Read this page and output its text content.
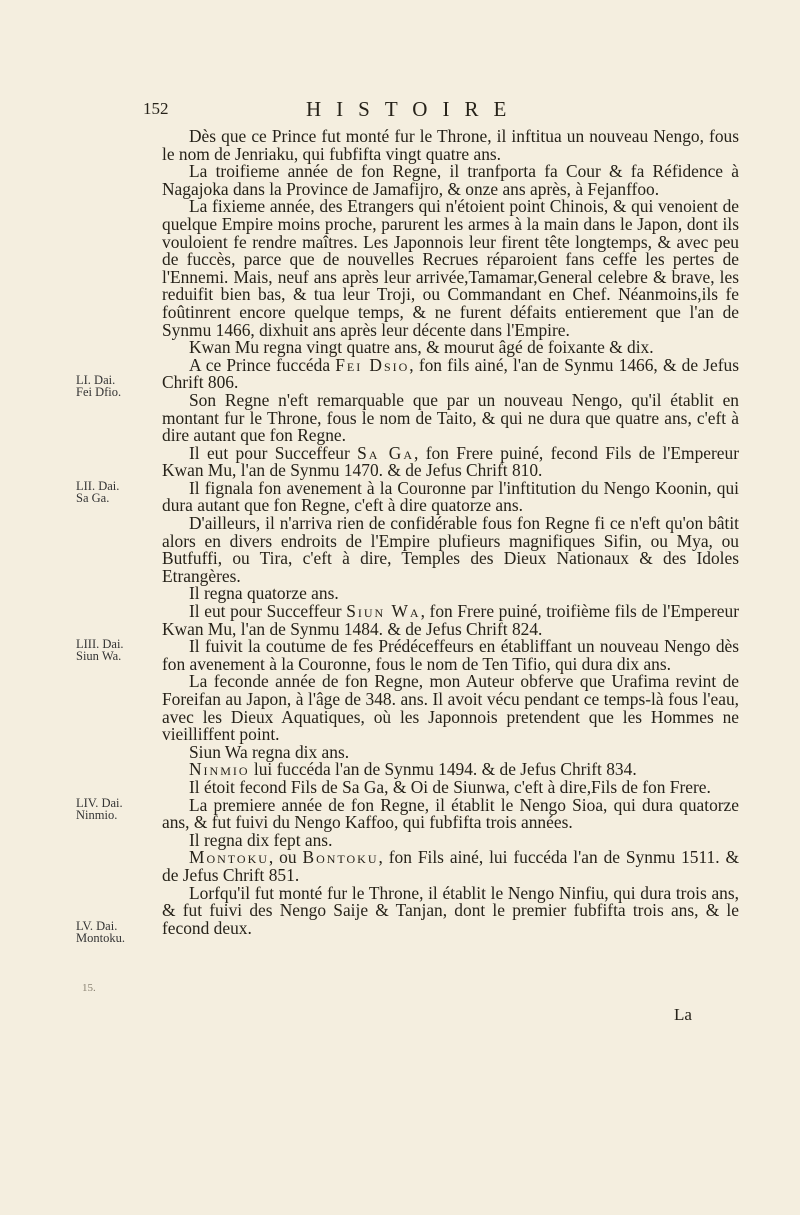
152	HISTOIRE

Dès que ce Prince fut monté fur le Throne, il inftitua un nouveau Nengo, fous le nom de Jenriaku, qui fubfifta vingt quatre ans.

La troifieme année de fon Regne, il tranfporta fa Cour & fa Réfidence à Nagajoka dans la Province de Jamafijro, & onze ans après, à Fejanffoo.

La fixieme année, des Etrangers qui n'étoient point Chinois, & qui venoient de quelque Empire moins proche, parurent les armes à la main dans le Japon, dont ils vouloient fe rendre maîtres. Les Japonnois leur firent tête longtemps, & avec peu de fuccès, parce que de nouvelles Recrues réparoient fans ceffe les pertes de l'Ennemi. Mais, neuf ans après leur arrivée,Tamamar,General celebre & brave, les reduifit bien bas, & tua leur Troji, ou Commandant en Chef. Néanmoins,ils fe foûtinrent encore quelque temps, & ne furent défaits entierement que l'an de Synmu 1466, dixhuit ans après leur décente dans l'Empire.

Kwan Mu regna vingt quatre ans, & mourut âgé de foixante & dix.

A ce Prince fuccéda Fei Dsio, fon fils ainé, l'an de Synmu 1466, & de Jefus Chrift 806.

Son Regne n'eft remarquable que par un nouveau Nengo, qu'il établit en montant fur le Throne, fous le nom de Taito, & qui ne dura que quatre ans, c'eft à dire autant que fon Regne.

Il eut pour Succeffeur Sa Ga, fon Frere puiné, fecond Fils de l'Empereur Kwan Mu, l'an de Synmu 1470. & de Jefus Chrift 810.

Il fignala fon avenement à la Couronne par l'inftitution du Nengo Koonin, qui dura autant que fon Regne, c'eft à dire quatorze ans.

D'ailleurs, il n'arriva rien de confidérable fous fon Regne fi ce n'eft qu'on bâtit alors en divers endroits de l'Empire plufieurs magnifiques Sifin, ou Mya, ou Butfuffi, ou Tira, c'eft à dire, Temples des Dieux Nationaux & des Idoles Etrangères.

Il regna quatorze ans.

Il eut pour Succeffeur Siun Wa, fon Frere puiné, troifième fils de l'Empereur Kwan Mu, l'an de Synmu 1484. & de Jefus Chrift 824.

Il fuivit la coutume de fes Prédéceffeurs en établiffant un nouveau Nengo dès fon avenement à la Couronne, fous le nom de Ten Tifio, qui dura dix ans.

La feconde année de fon Regne, mon Auteur obferve que Urafima revint de Foreifan au Japon, à l'âge de 348. ans. Il avoit vécu pendant ce temps-là fous l'eau, avec les Dieux Aquatiques, où les Japonnois pretendent que les Hommes ne vieilliffent point.

Siun Wa regna dix ans.

Ninmio lui fuccéda l'an de Synmu 1494. & de Jefus Chrift 834.

Il étoit fecond Fils de Sa Ga, & Oi de Siunwa, c'eft à dire,Fils de fon Frere.

La premiere année de fon Regne, il établit le Nengo Sioa, qui dura quatorze ans, & fut fuivi du Nengo Kaffoo, qui fubfifta trois années.

Il regna dix fept ans.

Montoku, ou Bontoku, fon Fils ainé, lui fuccéda l'an de Synmu 1511. & de Jefus Chrift 851.

Lorfqu'il fut monté fur le Throne, il établit le Nengo Ninfiu, qui dura trois ans, & fut fuivi des Nengo Saije & Tanjan, dont le premier fubfifta trois ans, & le fecond deux.

LI. Dai.
Fei Dfio.
LII. Dai.
Sa Ga.
LIII. Dai.
Siun Wa.
LIV. Dai.
Ninmio.
LV. Dai.
Montoku.
15.
La
